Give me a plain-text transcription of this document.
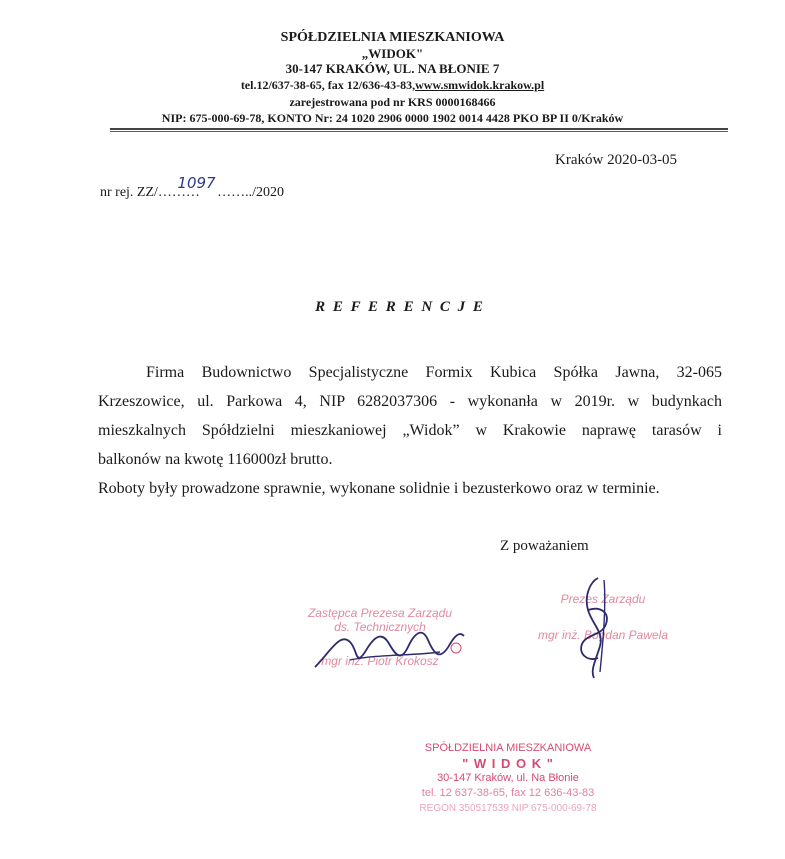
SPÓŁDZIELNIA MIESZKANIOWA
„WIDOK"
30-147 KRAKÓW, UL. NA BŁONIE 7
tel.12/637-38-65, fax 12/636-43-83,www.smwidok.krakow.pl
zarejestrowana pod nr KRS 0000168466
NIP: 675-000-69-78, KONTO Nr: 24 1020 2906 0000 1902 0014 4428 PKO BP II 0/Kraków
Kraków 2020-03-05
nr rej. ZZ/……… 1097 ……../2020
R E F E R E N C J E
Firma Budownictwo Specjalistyczne Formix Kubica Spółka Jawna, 32-065
Krzeszowice, ul. Parkowa 4, NIP 6282037306 - wykonanła w 2019r. w budynkach
mieszkalnych Spółdzielni mieszkaniowej „Widok” w Krakowie naprawę tarasów i
balkonów na kwotę 116000zł brutto.
Roboty były prowadzone sprawnie, wykonane solidnie i bezusterkowo oraz w terminie.
Z poważaniem
Zastępca Prezesa Zarządu
ds. Technicznych
mgr inż. Piotr Krokosz
Prezes Zarządu
mgr inż. Bogdan Pawela
SPÓŁDZIELNIA MIESZKANIOWA
" W I D O K "
30-147 Kraków, ul. Na Błonie
tel. 12 637-38-65, fax 12 636-43-83
REGON 350517539 NIP 675-000-69-78
